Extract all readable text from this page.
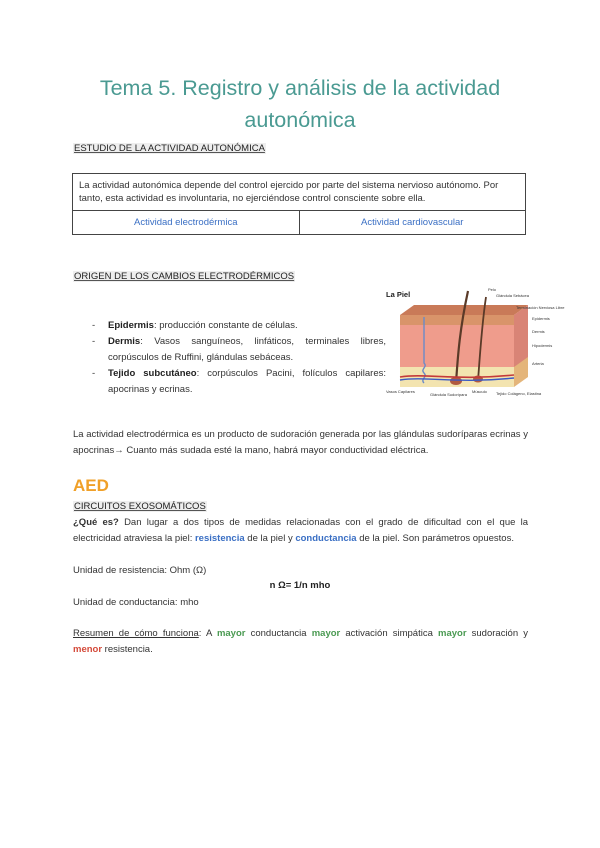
Tema 5. Registro y análisis de la actividad autonómica
ESTUDIO DE LA ACTIVIDAD AUTONÓMICA
La actividad autonómica depende del control ejercido por parte del sistema nervioso autónomo. Por tanto, esta actividad es involuntaria, no ejerciéndose control consciente sobre ella.
Actividad electrodérmica	Actividad cardiovascular
ORIGEN DE LOS CAMBIOS ELECTRODÉRMICOS
- Epidermis: producción constante de células.
- Dermis: Vasos sanguíneos, linfáticos, terminales libres, corpúsculos de Ruffini, glándulas sebáceas.
- Tejido subcutáneo: corpúsculos Pacini, folículos capilares: apocrinas y ecrinas.
La Piel
Pelo
Glándula Sebácea
Terminación Nerviosa Libre
Epidermis
Dermis
Hipodermis
Arteria
Tejido Colágeno, Elastina
Músculo
Vasos Capilares
Glándula Sudorípara
La actividad electrodérmica es un producto de sudoración generada por las glándulas sudoríparas ecrinas y apocrinas→ Cuanto más sudada esté la mano, habrá mayor conductividad eléctrica.
AED
CIRCUITOS EXOSOMÁTICOS
¿Qué es? Dan lugar a dos tipos de medidas relacionadas con el grado de dificultad con el que la electricidad atraviesa la piel: resistencia de la piel y conductancia de la piel. Son parámetros opuestos.
Unidad de resistencia: Ohm (Ω)
n Ω= 1/n mho
Unidad de conductancia: mho
Resumen de cómo funciona: A mayor conductancia mayor activación simpática mayor sudoración y menor resistencia.
